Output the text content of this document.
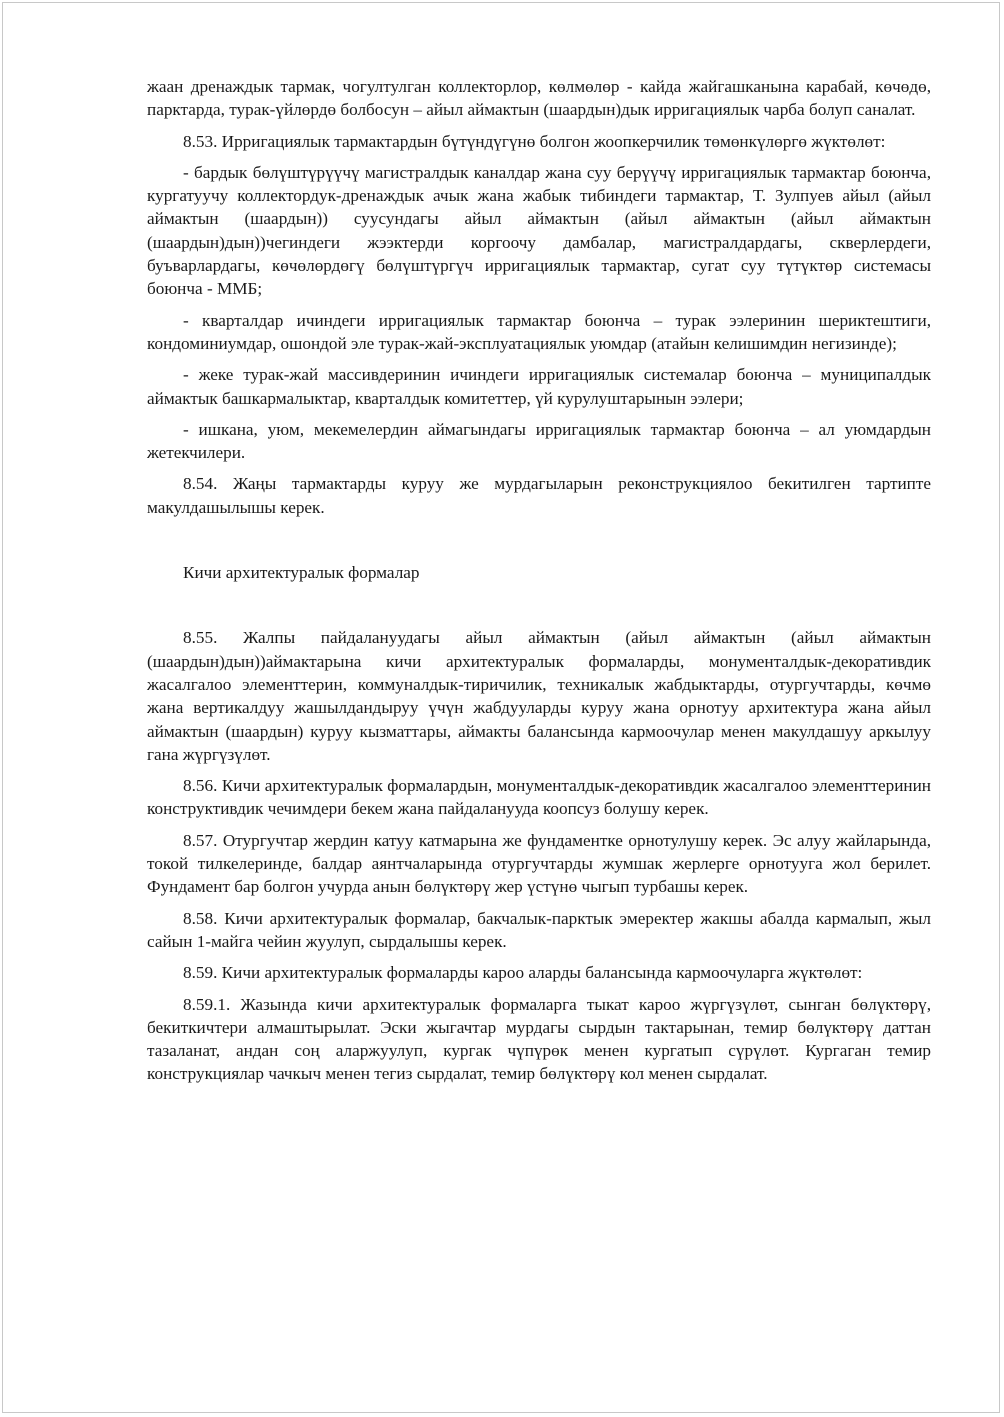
жаан дренаждык тармак, чогултулган коллекторлор, көлмөлөр - кайда жайгашканына карабай, көчөдө, парктарда, турак-үйлөрдө болбосун – айыл аймактын (шаардын)дык ирригациялык чарба болуп саналат.

8.53. Ирригациялык тармактардын бүтүндүгүнө болгон жоопкерчилик төмөнкүлөргө жүктөлөт:

- бардык бөлүштүрүүчү магистралдык каналдар жана суу берүүчү ирригациялык тармактар боюнча, кургатуучу коллектордук-дренаждык ачык жана жабык тибиндеги тармактар, Т. Зулпуев айыл (айыл аймактын (шаардын)) суусундагы айыл аймактын (айыл аймактын (айыл аймактын (шаардын)дын))чегиндеги жээктерди коргоочу дамбалар, магистралдардагы, скверлердеги, буъварлардагы, көчөлөрдөгү бөлүштүргүч ирригациялык тармактар, сугат суу түтүктөр системасы боюнча - ММБ;

- кварталдар ичиндеги ирригациялык тармактар боюнча – турак ээлеринин шериктештиги, кондоминиумдар, ошондой эле турак-жай-эксплуатациялык уюмдар (атайын келишимдин негизинде);

- жеке турак-жай массивдеринин ичиндеги ирригациялык системалар боюнча – муниципалдык аймактык башкармалыктар, кварталдык комитеттер, үй курулуштарынын ээлери;

- ишкана, уюм, мекемелердин аймагындагы ирригациялык тармактар боюнча – ал уюмдардын жетекчилери.

8.54. Жаңы тармактарды куруу же мурдагыларын реконструкциялоо бекитилген тартипте макулдашылышы керек.

Кичи архитектуралык формалар

8.55. Жалпы пайдалануудагы айыл аймактын (айыл аймактын (айыл аймактын (шаардын)дын))аймактарына кичи архитектуралык формаларды, монументалдык-декоративдик жасалгалоо элементтерин, коммуналдык-тиричилик, техникалык жабдыктарды, отургучтарды, көчмө жана вертикалдуу жашылдандыруу үчүн жабдууларды куруу жана орнотуу архитектура жана айыл аймактын (шаардын) куруу кызматтары, аймакты балансында кармоочулар менен макулдашуу аркылуу гана жүргүзүлөт.

8.56. Кичи архитектуралык формалардын, монументалдык-декоративдик жасалгалоо элементтеринин конструктивдик чечимдери бекем жана пайдаланууда коопсуз болушу керек.

8.57. Отургучтар жердин катуу катмарына же фундаментке орнотулушу керек. Эс алуу жайларында, токой тилкелеринде, балдар аянтчаларында отургучтарды жумшак жерлерге орнотууга жол берилет. Фундамент бар болгон учурда анын бөлүктөрү жер үстүнө чыгып турбашы керек.

8.58. Кичи архитектуралык формалар, бакчалык-парктык эмеректер жакшы абалда кармалып, жыл сайын 1-майга чейин жуулуп, сырдалышы керек.

8.59. Кичи архитектуралык формаларды кароо аларды балансында кармоочуларга жүктөлөт:

8.59.1. Жазында кичи архитектуралык формаларга тыкат кароо жүргүзүлөт, сынган бөлүктөрү, бекиткичтери алмаштырылат. Эски жыгачтар мурдагы сырдын тактарынан, темир бөлүктөрү даттан тазаланат, андан соң аларжуулуп, кургак чүпүрөк менен кургатып сүрүлөт. Кургаган темир конструкциялар чачкыч менен тегиз сырдалат, темир бөлүктөрү кол менен сырдалат.
